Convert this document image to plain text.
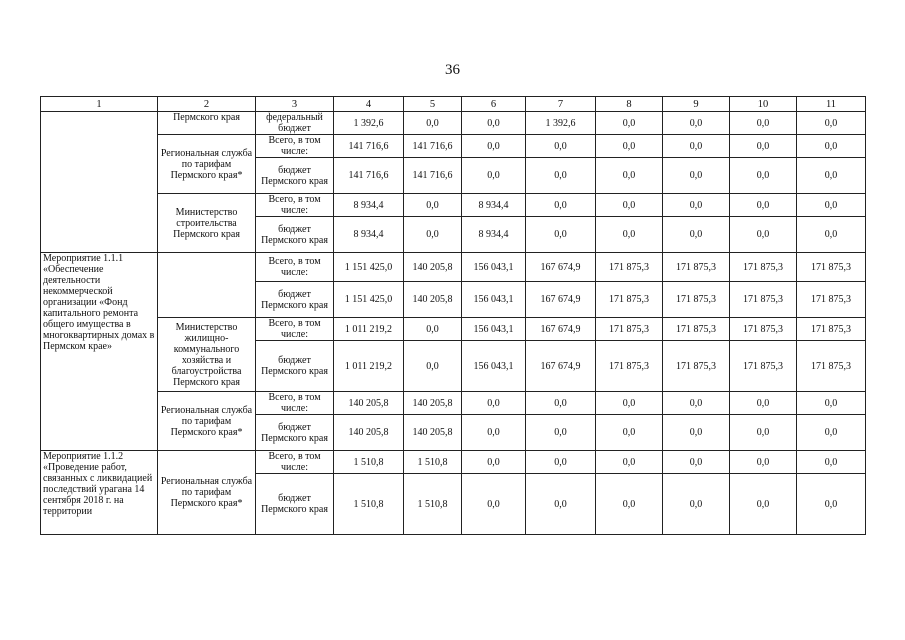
36
1	2	3	4	5	6	7	8	9	10	11
	Пермского края	федеральный бюджет	1 392,6	0,0	0,0	1 392,6	0,0	0,0	0,0	0,0
	Региональная служба по тарифам Пермского края*	Всего, в том числе:	141 716,6	141 716,6	0,0	0,0	0,0	0,0	0,0	0,0
		бюджет Пермского края	141 716,6	141 716,6	0,0	0,0	0,0	0,0	0,0	0,0
	Министерство строительства Пермского края	Всего, в том числе:	8 934,4	0,0	8 934,4	0,0	0,0	0,0	0,0	0,0
		бюджет Пермского края	8 934,4	0,0	8 934,4	0,0	0,0	0,0	0,0	0,0
Мероприятие 1.1.1 «Обеспечение деятельности некоммерческой организации «Фонд капитального ремонта общего имущества в многоквартирных домах в Пермском крае»		Всего, в том числе:	1 151 425,0	140 205,8	156 043,1	167 674,9	171 875,3	171 875,3	171 875,3	171 875,3
		бюджет Пермского края	1 151 425,0	140 205,8	156 043,1	167 674,9	171 875,3	171 875,3	171 875,3	171 875,3
	Министерство жилищно-коммунального хозяйства и благоустройства Пермского края	Всего, в том числе:	1 011 219,2	0,0	156 043,1	167 674,9	171 875,3	171 875,3	171 875,3	171 875,3
		бюджет Пермского края	1 011 219,2	0,0	156 043,1	167 674,9	171 875,3	171 875,3	171 875,3	171 875,3
	Региональная служба по тарифам Пермского края*	Всего, в том числе:	140 205,8	140 205,8	0,0	0,0	0,0	0,0	0,0	0,0
		бюджет Пермского края	140 205,8	140 205,8	0,0	0,0	0,0	0,0	0,0	0,0
Мероприятие 1.1.2 «Проведение работ, связанных с ликвидацией последствий урагана 14 сентября 2018 г. на территории	Региональная служба по тарифам Пермского края*	Всего, в том числе:	1 510,8	1 510,8	0,0	0,0	0,0	0,0	0,0	0,0
		бюджет Пермского края	1 510,8	1 510,8	0,0	0,0	0,0	0,0	0,0	0,0
